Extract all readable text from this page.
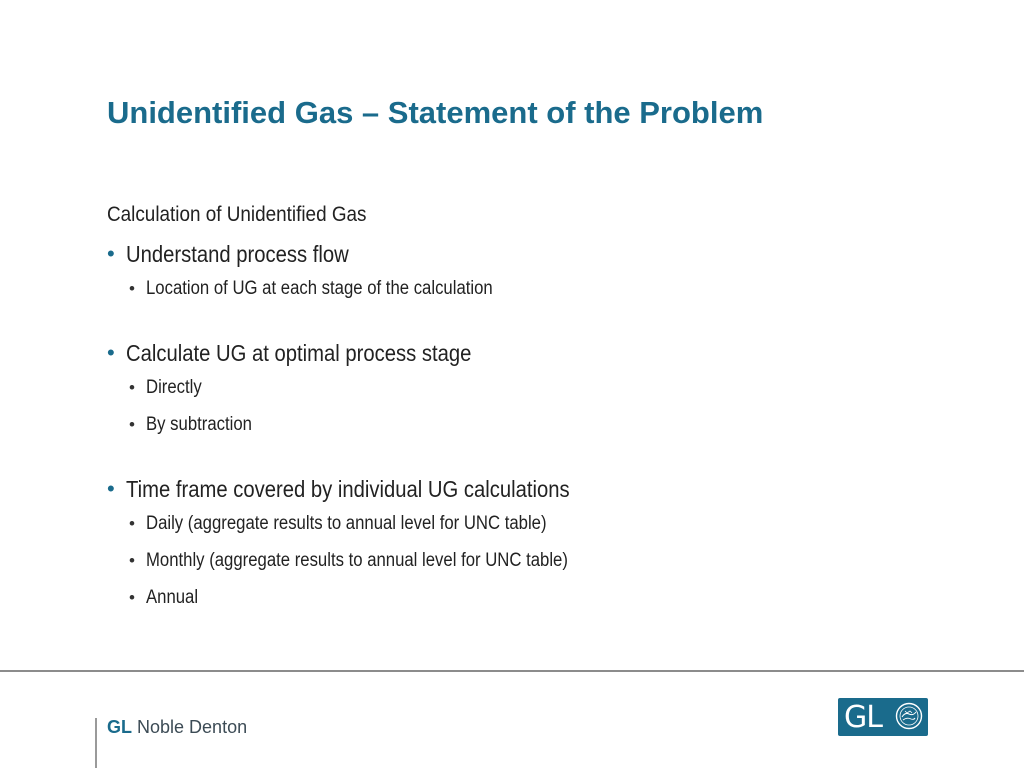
Unidentified Gas – Statement of the Problem
Calculation of Unidentified Gas
• Understand process flow
• Location of UG at each stage of the calculation
• Calculate UG at optimal process stage
• Directly
• By subtraction
• Time frame covered by individual UG calculations
• Daily (aggregate results to annual level for UNC table)
• Monthly (aggregate results to annual level for UNC table)
• Annual
GL Noble Denton	GL
